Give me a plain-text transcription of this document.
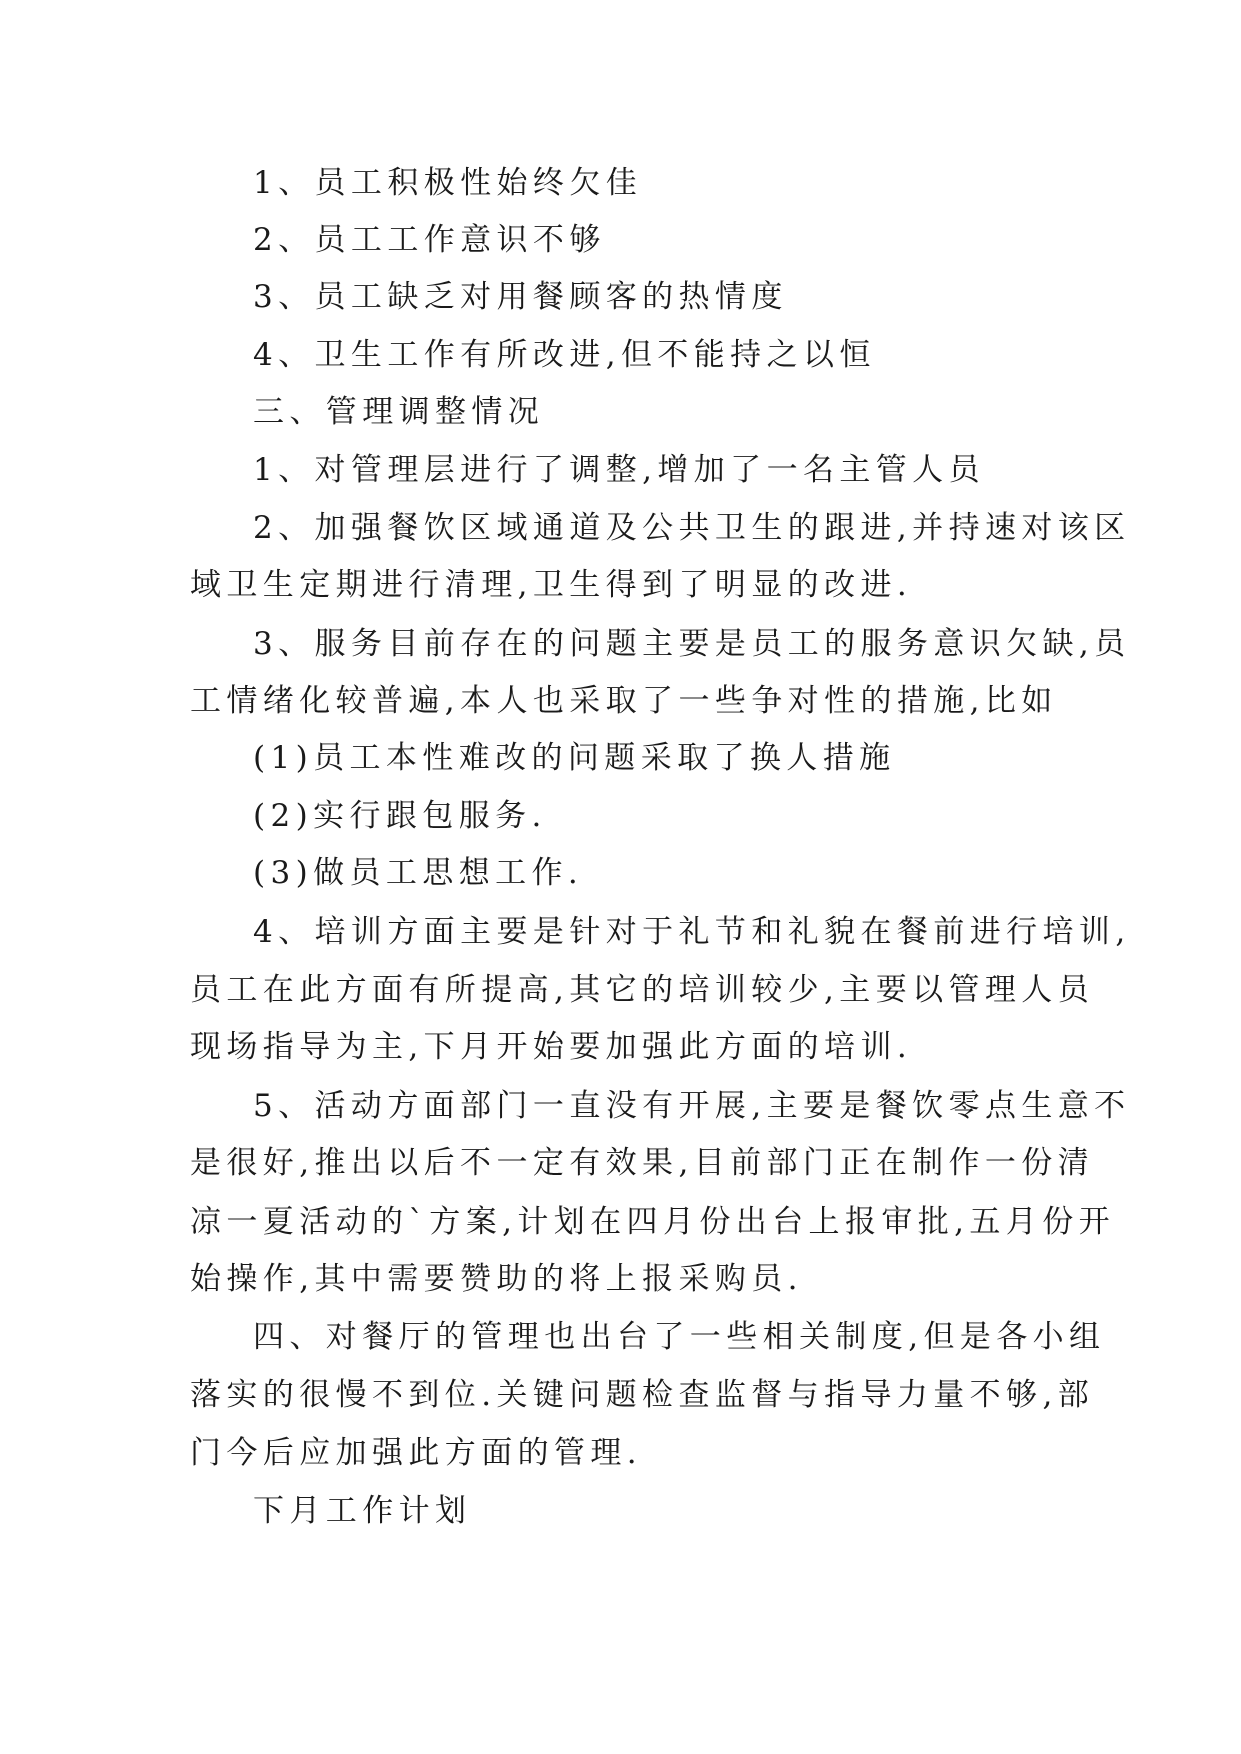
1、员工积极性始终欠佳
2、员工工作意识不够
3、员工缺乏对用餐顾客的热情度
4、卫生工作有所改进,但不能持之以恒
三、管理调整情况
1、对管理层进行了调整,增加了一名主管人员
2、加强餐饮区域通道及公共卫生的跟进,并持速对该区
域卫生定期进行清理,卫生得到了明显的改进.
3、服务目前存在的问题主要是员工的服务意识欠缺,员
工情绪化较普遍,本人也采取了一些争对性的措施,比如
(1)员工本性难改的问题采取了换人措施
(2)实行跟包服务.
(3)做员工思想工作.
4、培训方面主要是针对于礼节和礼貌在餐前进行培训,
员工在此方面有所提高,其它的培训较少,主要以管理人员
现场指导为主,下月开始要加强此方面的培训.
5、活动方面部门一直没有开展,主要是餐饮零点生意不
是很好,推出以后不一定有效果,目前部门正在制作一份清
凉一夏活动的`方案,计划在四月份出台上报审批,五月份开
始操作,其中需要赞助的将上报采购员.
四、对餐厅的管理也出台了一些相关制度,但是各小组
落实的很慢不到位.关键问题检查监督与指导力量不够,部
门今后应加强此方面的管理.
下月工作计划
